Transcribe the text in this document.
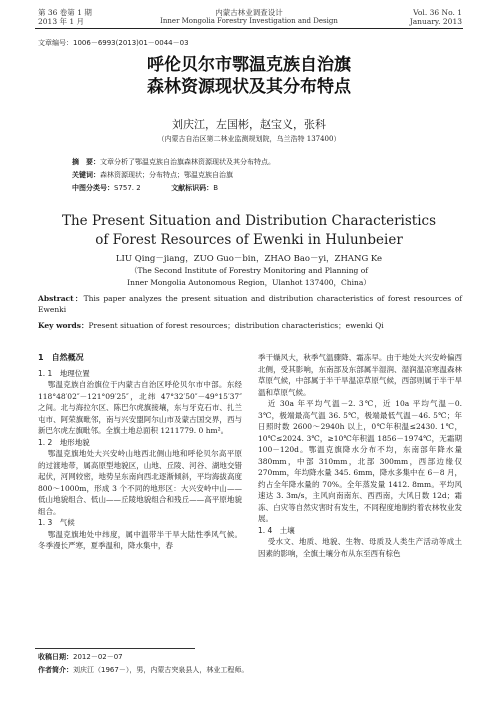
第 36 卷第 1 期
2013 年 1 月
内蒙古林业调查设计
Inner Mongolia Forestry Investigation and Design
Vol. 36 No. 1
January. 2013
文章编号：1006－6993(2013)01－0044－03
呼伦贝尔市鄂温克族自治旗
森林资源现状及其分布特点
刘庆江，左国彬，赵宝义，张科
（内蒙古自治区第二林业监测规划院，乌兰浩特 137400）
摘　要：文章分析了鄂温克族自治旗森林资源现状及其分布特点。
关键词：森林资源现状；分布特点；鄂温克族自治旗
中图分类号：S757. 2	文献标识码：B
The Present Situation and Distribution Characteristics
of Forest Resources of Ewenki in Hulunbeier
LIU Qing－jiang，ZUO Guo－bin，ZHAO Bao－yi，ZHANG Ke
（The Second Institute of Forestry Monitoring and Planning of
Inner Mongolia Autonomous Region，Ulanhot 137400，China）
Abstract：This paper analyzes the present situation and distribution characteristics of forest resources of Ewenki
Key words：Present situation of forest resources；distribution characteristics；ewenki Qi
1　自然概况
1. 1　地理位置

鄂温克族自治旗位于内蒙古自治区呼伦贝尔市中部。东经 118°48′02″－121°09′25″，北纬 47°32′50″－49°15′37″之间。北与海拉尔区、陈巴尔虎旗接壤，东与牙克石市、扎兰屯市、阿荣旗毗邻，南与兴安盟阿尔山市及蒙古国交界，西与新巴尔虎左旗毗邻。全旗土地总面积 1211779. 0 hm²。

1. 2　地形地貌

鄂温克旗地处大兴安岭山地西北侧山地和呼伦贝尔高平原的过渡地带，属高原型地貌区，山地、丘陵、河谷、湖地交错起伏，河网较密，地势呈东南向西北逐渐倾斜，平均海拔高度 800～1000m，形成 3 个不同的地形区：大兴安岭中山——低山地貌组合、低山——丘陵地貌组合和残丘——高平原地貌组合。

1. 3　气候

鄂温克旗地处中纬度，属中温带半干旱大陆性季风气候。冬季漫长严寒，夏季温和，降水集中，春

季干燥风大，秋季气温骤降、霜冻早。由于地处大兴安岭偏西北侧，受其影响，东南部及东部属半湿润、湿润温凉寒温森林草原气候，中部属于半干旱温凉草原气候，西部则属于半干旱温和草原气候。

近 30a 年平均气温－2. 3℃，近 10a 平均气温－0. 3℃，极端最高气温 36. 5℃，极端最低气温－46. 5℃；年日照时数 2600～2940h 以上，0℃年积温≤2430. 1℃，10℃≤2024. 3℃，≥10℃年积温 1856－1974℃，无霜期 100－120d。鄂温克旗降水分布不均，东南部年降水量 380mm，中部 310mm，北部 300mm，西部边缘仅 270mm，年均降水量 345. 6mm，降水多集中在 6－8 月，约占全年降水量的 70%。全年蒸发量 1412. 8mm。平均风速达 3. 3m/s，主风向南南东、西西南，大风日数 12d；霜冻、白灾等自然灾害时有发生，不同程度地制约着农林牧业发展。

1. 4　土壤

受水文、地质、地貌、生物、母质及人类生产活动等成土因素的影响，全旗土壤分布从东至西有棕色

收稿日期：2012－02－07
作者简介：刘庆江（1967－），男，内蒙古突泉县人，林业工程师。
